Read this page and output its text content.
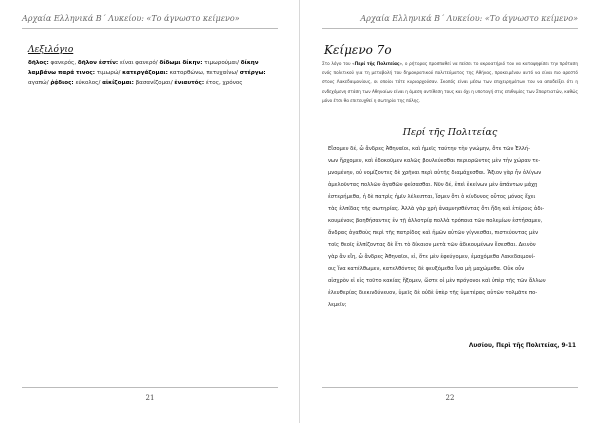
Αρχαία Ελληνικά Β΄ Λυκείου: «Το άγνωστο κείμενο»
Λεξιλόγιο
δῆλος: φανερός, δῆλον ἐστίν: είναι φανερό/ δίδωμι δίκην: τιμωρούμαι/ δίκην λαμβάνω παρά τινος: τιμωρώ/ κατεργάζομαι: κατορθώνω, πετυχαίνω/ στέργω: αγαπώ/ ῥᾴδιος: εύκολος/ αἰκίζομαι: βασανίζομαι/ ἐνιαυτός: έτος, χρόνος
21
Αρχαία Ελληνικά Β΄ Λυκείου: «Το άγνωστο κείμενο»
22
Κείμενο 7ο
Στο λόγο του «Περί τῆς Πολιτείας», ο ρήτορας προσπαθεί να πείσει το ακροατήριό του να καταψηφίσει την πρόταση ενός πολιτικού για τη μεταβολή του δημοκρατικού πολιτεύματος της Αθήνας, προκειμένου αυτό να είναι πιο αρεστό στους Λακεδαιμονίους, οι οποίοι τότε κυριαρχούσαν. Σκοπός είναι μέσω των επιχειρημάτων του να αποδείξει ότι η ενδεχόμενη στάση των Αθηναίων είναι η άμεση αντίθεση τους και όχι η υποταγή στις επιθυμίες των Σπαρτιατών, καθώς μόνο έτσι θα επιτευχθεί η σωτηρία της πόλης.
Περί τῆς Πολιτείας
Εἴσομεν δέ, ὦ ἄνδρες Ἀθηναῖοι, καὶ ἡμεῖς ταύτην τὴν γνώμην, ὅτε τῶν Ἑλλή-
νων ἤρχομεν, καὶ ἐδοκοῦμεν καλῶς βουλεύεσθαι περιορῶντες μὲν τὴν χώραν τε-
μνομένην, οὐ νομίζοντες δὲ χρῆναι περὶ αὐτῆς διαμάχεσθαι. Ἄξιον γὰρ ἦν ὀλίγων
ἀμελοῦντας πολλῶν ἀγαθῶν φείσασθαι. Νῦν δέ, ἐπεὶ ἐκείνων μὲν ἁπάντων μάχῃ
ἐστερήμεθα, ἡ δὲ πατρὶς ἡμῖν λέλειπται, ἴσμεν ὅτι ὁ κίνδυνος οὗτος μόνος ἔχει
τὰς ἐλπίδας τῆς σωτηρίας. Ἀλλὰ γὰρ χρὴ ἀναμνησθέντας ὅτι ἤδη καὶ ἑτέροις ἀδι-
κουμένοις βοηθήσαντες ἐν τῇ ἀλλοτρίᾳ πολλὰ τρόπαια τῶν πολεμίων ἐστήσαμεν,
ἄνδρας ἀγαθοὺς περὶ τῆς πατρίδος καὶ ἡμῶν αὐτῶν γίγνεσθαι, πιστεύοντας μὲν
τοῖς θεοῖς ἐλπίζοντας δὲ ἔτι τὸ δίκαιον μετὰ τῶν ἀδικουμένων ἔσεσθαι. Δεινὸν
γὰρ ἂν εἴη, ὦ ἄνδρες Ἀθηναῖοι, εἰ, ὅτε μὲν ἐφεύγομεν, ἐμαχόμεθα Λακεδαιμονί-
οις ἵνα κατέλθωμεν, κατελθόντες δὲ φευξόμεθα ἵνα μὴ μαχώμεθα. Οὐκ οὖν
αἰσχρὸν εἰ εἰς τοῦτο κακίας ἥξομεν, ὥστε οἱ μὲν πρόγονοι καὶ ὑπὲρ τῆς τῶν ἄλλων
ἐλευθερίας διεκινδύνευον, ὑμεῖς δὲ οὐδὲ ὑπὲρ τῆς ὑμετέρας αὐτῶν τολμᾶτε πο-
λεμεῖν;
Λυσίου, Περὶ τῆς Πολιτείας, 9-11
